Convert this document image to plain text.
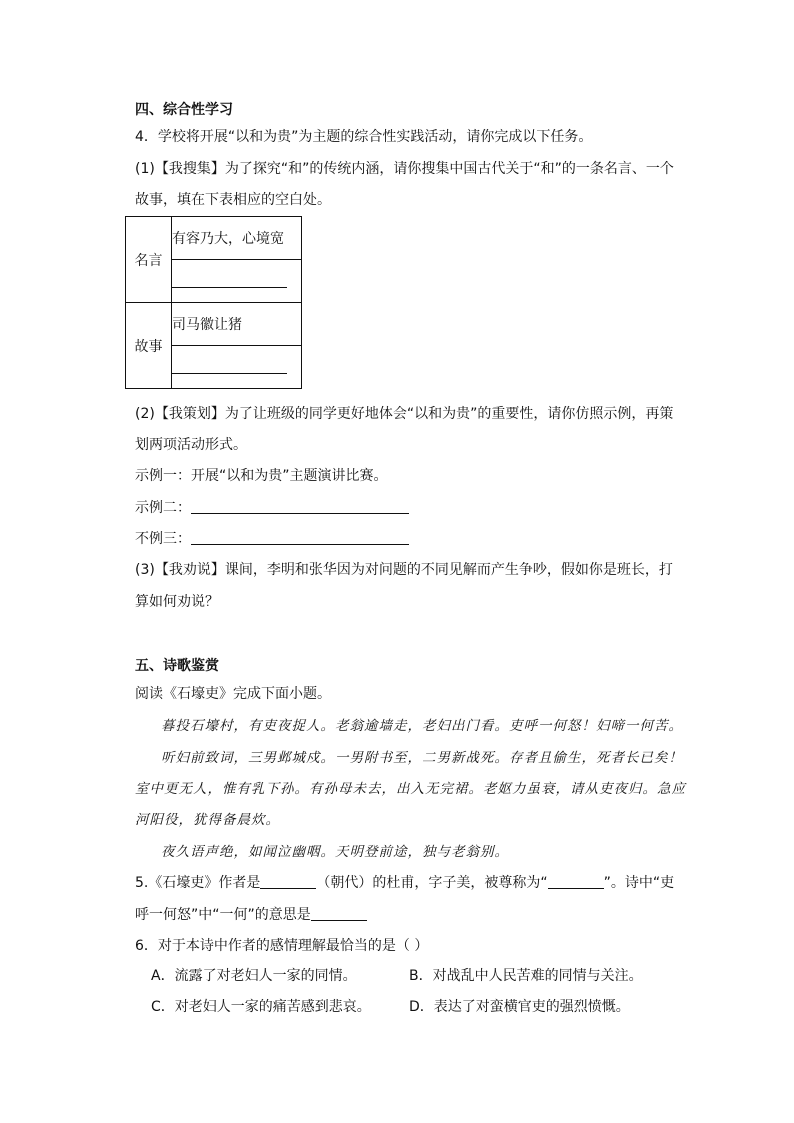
四、综合性学习
4．学校将开展“以和为贵”为主题的综合性实践活动，请你完成以下任务。
(1)【我搜集】为了探究“和”的传统内涵，请你搜集中国古代关于“和”的一条名言、一个
故事，填在下表相应的空白处。
名言	有容乃大，心境宽

故事	司马徽让猪

(2)【我策划】为了让班级的同学更好地体会“以和为贵”的重要性，请你仿照示例，再策
划两项活动形式。
示例一：开展“以和为贵”主题演讲比赛。
示例二：
不例三：
(3)【我劝说】课间，李明和张华因为对问题的不同见解而产生争吵，假如你是班长，打
算如何劝说？
五、诗歌鉴赏
阅读《石壕吏》完成下面小题。
暮投石壕村，有吏夜捉人。老翁逾墙走，老妇出门看。吏呼一何怒！妇啼一何苦。
听妇前致词，三男邺城戍。一男附书至，二男新战死。存者且偷生，死者长已矣！
室中更无人，惟有乳下孙。有孙母未去，出入无完裙。老妪力虽衰，请从吏夜归。急应
河阳役，犹得备晨炊。
夜久语声绝，如闻泣幽咽。天明登前途，独与老翁别。
5.《石壕吏》作者是	（朝代）的杜甫，字子美，被尊称为“	”。诗中“吏
呼一何怒”中“一何”的意思是
6．对于本诗中作者的感情理解最恰当的是（ ）
A．流露了对老妇人一家的同情。	B．对战乱中人民苦难的同情与关注。
C．对老妇人一家的痛苦感到悲哀。	D．表达了对蛮横官吏的强烈愤慨。
